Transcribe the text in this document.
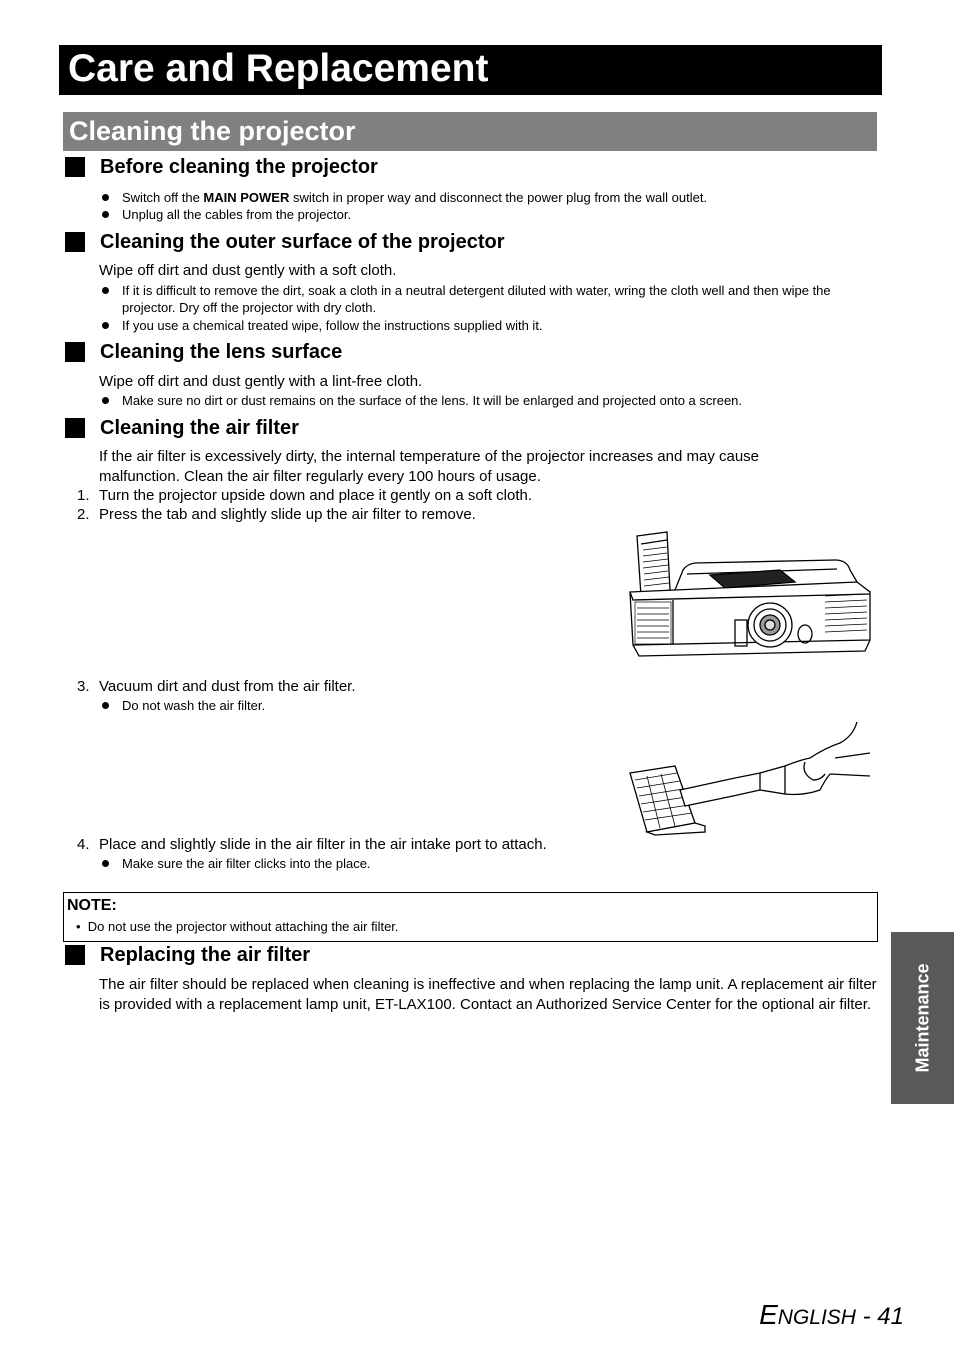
Care and Replacement
Cleaning the projector
Before cleaning the projector
Switch off the MAIN POWER switch in proper way and disconnect the power plug from the wall outlet.
Unplug all the cables from the projector.
Cleaning the outer surface of the projector
Wipe off dirt and dust gently with a soft cloth.
If it is difficult to remove the dirt, soak a cloth in a neutral detergent diluted with water, wring the cloth well and then wipe the projector. Dry off the projector with dry cloth.
If you use a chemical treated wipe, follow the instructions supplied with it.
Cleaning the lens surface
Wipe off dirt and dust gently with a lint-free cloth.
Make sure no dirt or dust remains on the surface of the lens. It will be enlarged and projected onto a screen.
Cleaning the air filter
If the air filter is excessively dirty, the internal temperature of the projector increases and may cause malfunction. Clean the air filter regularly every 100 hours of usage.
1. Turn the projector upside down and place it gently on a soft cloth.
2. Press the tab and slightly slide up the air filter to remove.
3. Vacuum dirt and dust from the air filter.
Do not wash the air filter.
4. Place and slightly slide in the air filter in the air intake port to attach.
Make sure the air filter clicks into the place.
NOTE:
• Do not use the projector without attaching the air filter.
Replacing the air filter
The air filter should be replaced when cleaning is ineffective and when replacing the lamp unit. A replacement air filter is provided with a replacement lamp unit, ET-LAX100. Contact an Authorized Service Center for the optional air filter.	Maintenance
ENGLISH - 41
